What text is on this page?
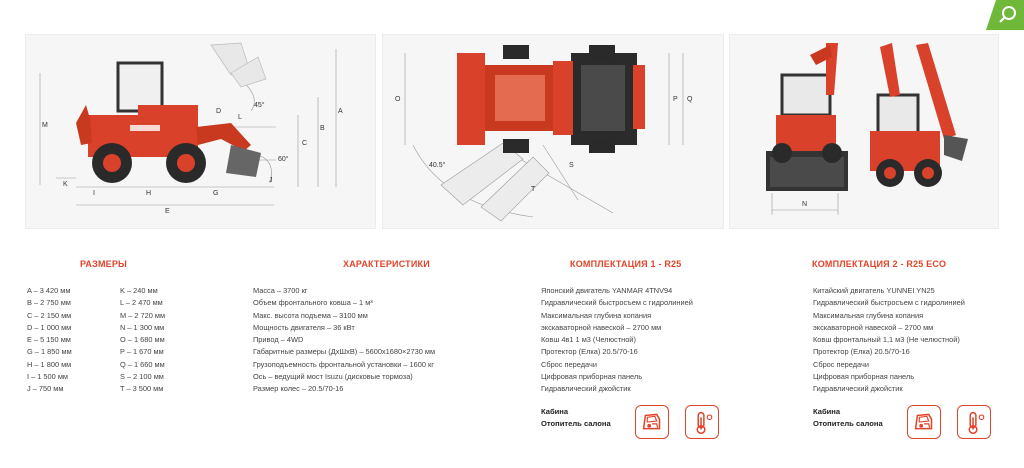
M
A
B
C
D
E
G
H
I
J
K
L
45°
60°
O	P Q
S
T
40.5°
N
РАЗМЕРЫ
A – 3 420 мм
B – 2 750 мм
C – 2 150 мм
D – 1 000 мм
E – 5 150 мм
G – 1 850 мм
H – 1 800 мм
I – 1 500 мм
J – 750 мм
K – 240 мм
L – 2 470 мм
M – 2 720 мм
N – 1 300 мм
O – 1 680 мм
P – 1 670 мм
Q – 1 660 мм
S – 2 100 мм
T – 3 500 мм
ХАРАКТЕРИСТИКИ
Масса – 3700 кг
Объем фронтального ковша – 1 м³
Макс. высота подъема – 3100 мм
Мощность двигателя – 36 кВт
Привод – 4WD
Габаритные размеры (ДхШхВ) – 5600х1680×2730 мм
Грузоподъемность фронтальной установки – 1600 кг
Ось – ведущий мост Isuzu (дисковые тормоза)
Размер колес – 20.5/70-16
КОМПЛЕКТАЦИЯ 1 - R25
Японский двигатель YANMAR 4TNV94
Гидравлический быстросъем с гидролинией
Максимальная глубина копания
экскаваторной навеской – 2700 мм
Ковш 4в1 1 м3 (Челюстной)
Протектор (Елка) 20.5/70-16
Сброс передачи
Цифровая приборная панель
Гидравлический джойстик
Кабина
Отопитель салона
КОМПЛЕКТАЦИЯ 2 - R25 ECO
Китайский двигатель YUNNEI YN25
Гидравлический быстросъем с гидролинией
Максимальная глубина копания
экскаваторной навеской – 2700 мм
Ковш фронтальный 1,1 м3 (Не челюстной)
Протектор (Елка) 20.5/70-16
Сброс передачи
Цифровая приборная панель
Гидравлический джойстик
Кабина
Отопитель салона
